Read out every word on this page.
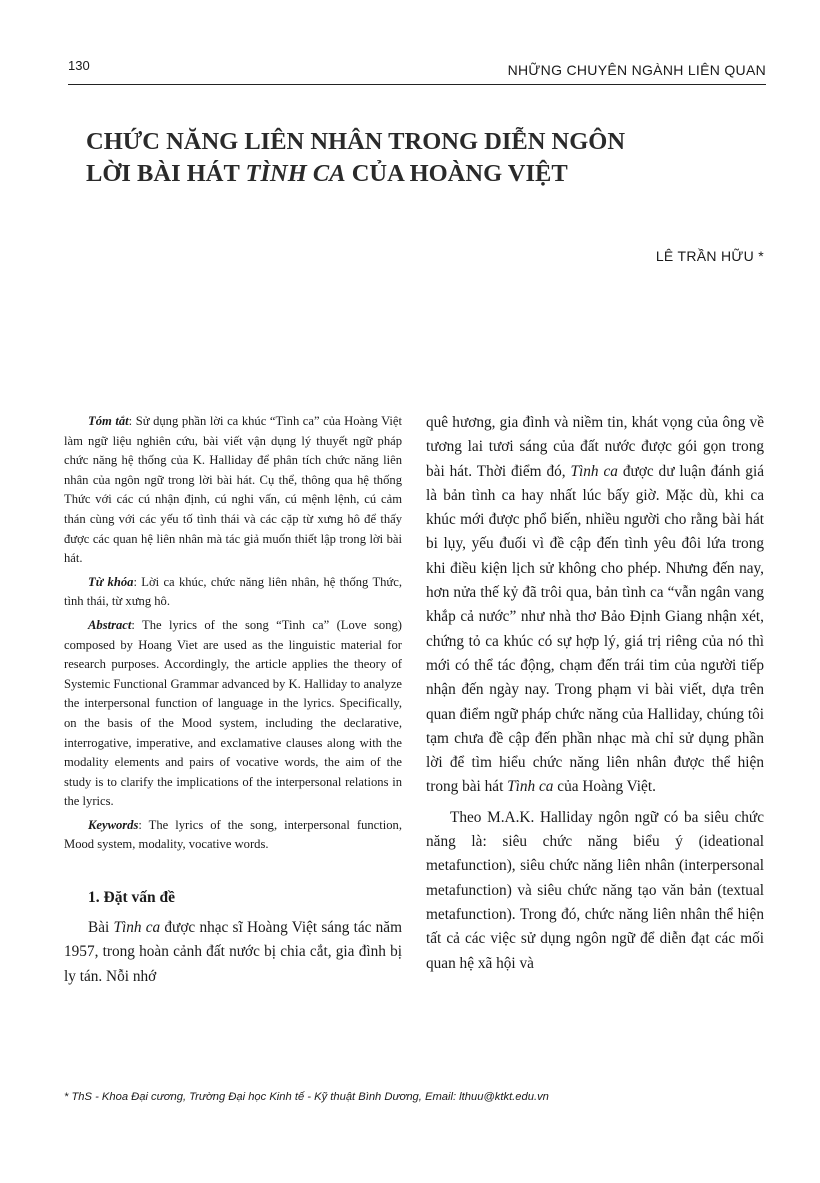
130	NHỮNG CHUYÊN NGÀNH LIÊN QUAN
CHỨC NĂNG LIÊN NHÂN TRONG DIỄN NGÔN
LỜI BÀI HÁT TÌNH CA CỦA HOÀNG VIỆT
LÊ TRẦN HỮU *

Tóm tắt: Sử dụng phần lời ca khúc “Tình ca” của Hoàng Việt làm ngữ liệu nghiên cứu, bài viết vận dụng lý thuyết ngữ pháp chức năng hệ thống của K. Halliday để phân tích chức năng liên nhân của ngôn ngữ trong lời bài hát. Cụ thể, thông qua hệ thống Thức với các cú nhận định, cú nghi vấn, cú mệnh lệnh, cú cảm thán cùng với các yếu tố tình thái và các cặp từ xưng hô để thấy được các quan hệ liên nhân mà tác giả muốn thiết lập trong lời bài hát.

Từ khóa: Lời ca khúc, chức năng liên nhân, hệ thống Thức, tình thái, từ xưng hô.

Abstract: The lyrics of the song “Tinh ca” (Love song) composed by Hoang Viet are used as the linguistic material for research purposes. Accordingly, the article applies the theory of Systemic Functional Grammar advanced by K. Halliday to analyze the interpersonal function of language in the lyrics. Specifically, on the basis of the Mood system, including the declarative, interrogative, imperative, and exclamative clauses along with the modality elements and pairs of vocative words, the aim of the study is to clarify the implications of the interpersonal relations in the lyrics.

Keywords: The lyrics of the song, interpersonal function, Mood system, modality, vocative words.

1. Đặt vấn đề

Bài Tình ca được nhạc sĩ Hoàng Việt sáng tác năm 1957, trong hoàn cảnh đất nước bị chia cắt, gia đình bị ly tán. Nỗi nhớ

quê hương, gia đình và niềm tin, khát vọng của ông về tương lai tươi sáng của đất nước được gói gọn trong bài hát. Thời điểm đó, Tình ca được dư luận đánh giá là bản tình ca hay nhất lúc bấy giờ. Mặc dù, khi ca khúc mới được phổ biến, nhiều người cho rằng bài hát bi lụy, yếu đuối vì đề cập đến tình yêu đôi lứa trong khi điều kiện lịch sử không cho phép. Nhưng đến nay, hơn nửa thế kỷ đã trôi qua, bản tình ca “vẫn ngân vang khắp cả nước” như nhà thơ Bảo Định Giang nhận xét, chứng tỏ ca khúc có sự hợp lý, giá trị riêng của nó thì mới có thể tác động, chạm đến trái tim của người tiếp nhận đến ngày nay. Trong phạm vi bài viết, dựa trên quan điểm ngữ pháp chức năng của Halliday, chúng tôi tạm chưa đề cập đến phần nhạc mà chỉ sử dụng phần lời để tìm hiểu chức năng liên nhân được thể hiện trong bài hát Tình ca của Hoàng Việt.

Theo M.A.K. Halliday ngôn ngữ có ba siêu chức năng là: siêu chức năng biểu ý (ideational metafunction), siêu chức năng liên nhân (interpersonal metafunction) và siêu chức năng tạo văn bản (textual metafunction). Trong đó, chức năng liên nhân thể hiện tất cả các việc sử dụng ngôn ngữ để diễn đạt các mối quan hệ xã hội và

* ThS - Khoa Đại cương, Trường Đại học Kinh tế - Kỹ thuật Bình Dương, Email: lthuu@ktkt.edu.vn
